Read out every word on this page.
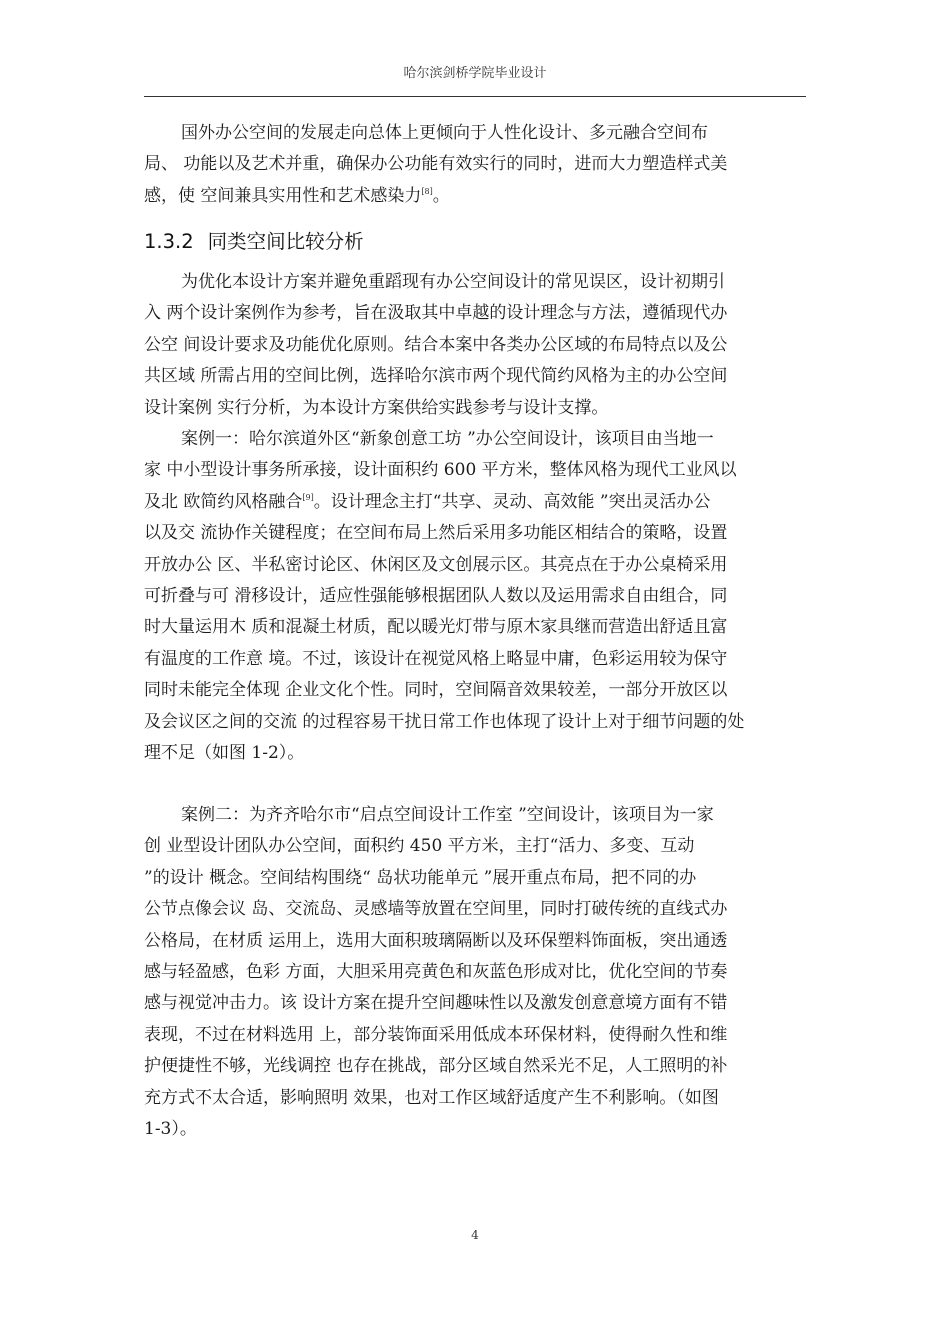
哈尔滨剑桥学院毕业设计
国外办公空间的发展走向总体上更倾向于人性化设计、多元融合空间布
局、 功能以及艺术并重，确保办公功能有效实行的同时，进而大力塑造样式美
感，使 空间兼具实用性和艺术感染力[8]。
1.3.2 同类空间比较分析
为优化本设计方案并避免重蹈现有办公空间设计的常见误区，设计初期引
入 两个设计案例作为参考，旨在汲取其中卓越的设计理念与方法，遵循现代办
公空 间设计要求及功能优化原则。结合本案中各类办公区域的布局特点以及公
共区域 所需占用的空间比例，选择哈尔滨市两个现代简约风格为主的办公空间
设计案例 实行分析，为本设计方案供给实践参考与设计支撑。
案例一：哈尔滨道外区“新象创意工坊 ”办公空间设计，该项目由当地一
家 中小型设计事务所承接，设计面积约 600 平方米，整体风格为现代工业风以
及北 欧简约风格融合[9]。设计理念主打“共享、灵动、高效能 ”突出灵活办公
以及交 流协作关键程度；在空间布局上然后采用多功能区相结合的策略，设置
开放办公 区、半私密讨论区、休闲区及文创展示区。其亮点在于办公桌椅采用
可折叠与可 滑移设计，适应性强能够根据团队人数以及运用需求自由组合，同
时大量运用木 质和混凝土材质，配以暖光灯带与原木家具继而营造出舒适且富
有温度的工作意 境。不过，该设计在视觉风格上略显中庸，色彩运用较为保守
同时未能完全体现 企业文化个性。同时，空间隔音效果较差，一部分开放区以
及会议区之间的交流 的过程容易干扰日常工作也体现了设计上对于细节问题的处
理不足（如图 1-2）。
案例二：为齐齐哈尔市“启点空间设计工作室 ”空间设计，该项目为一家
创 业型设计团队办公空间，面积约 450 平方米，主打“活力、多变、互动
”的设计 概念。空间结构围绕“ 岛状功能单元 ”展开重点布局，把不同的办
公节点像会议 岛、交流岛、灵感墙等放置在空间里，同时打破传统的直线式办
公格局，在材质 运用上，选用大面积玻璃隔断以及环保塑料饰面板，突出通透
感与轻盈感，色彩 方面，大胆采用亮黄色和灰蓝色形成对比，优化空间的节奏
感与视觉冲击力。该 设计方案在提升空间趣味性以及激发创意意境方面有不错
表现，不过在材料选用 上，部分装饰面采用低成本环保材料，使得耐久性和维
护便捷性不够，光线调控 也存在挑战，部分区域自然采光不足，人工照明的补
充方式不太合适，影响照明 效果，也对工作区域舒适度产生不利影响。（如图
1-3）。
4
